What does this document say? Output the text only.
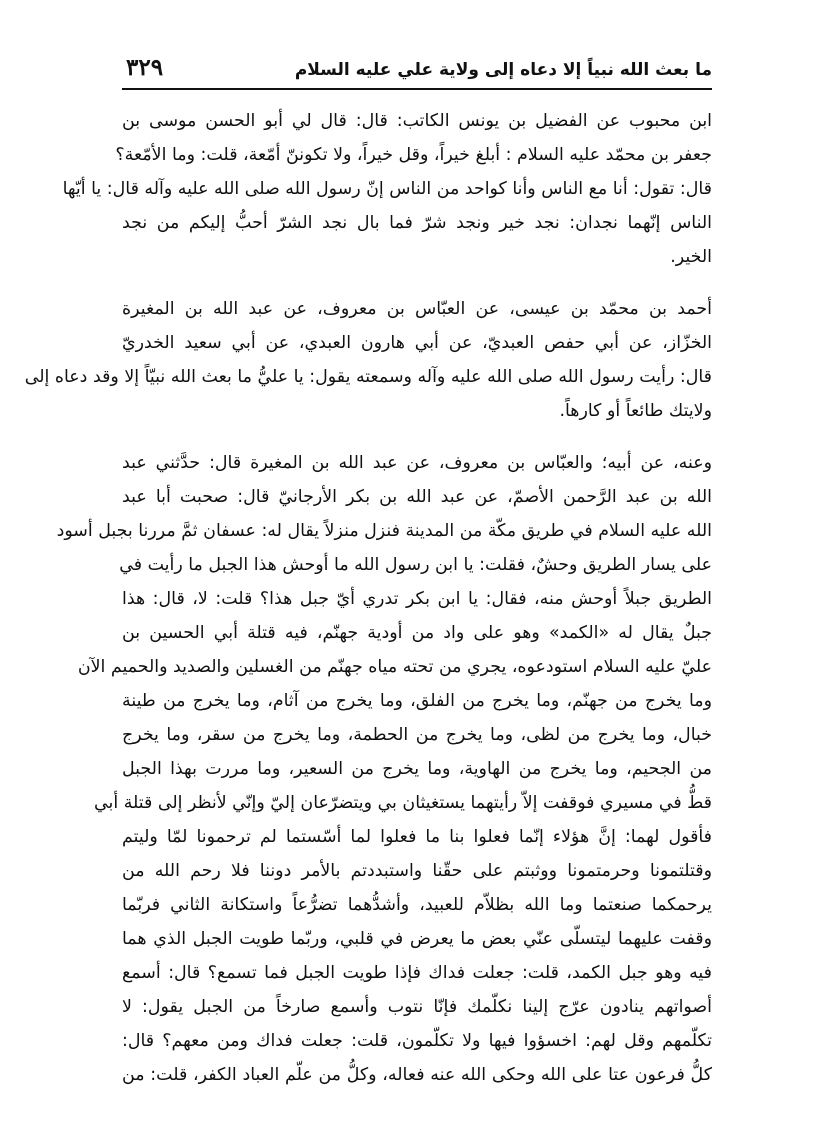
ما بعث الله نبياً إلا دعاه إلى ولاية علي عليه السلام
٣٢٩
ابن محبوب عن الفضيل بن يونس الكاتب: قال: قال لي أبو الحسن موسى بن
جعفر بن محمّد عليه السلام : أبلغ خيراً، وقل خيراً، ولا تكوننّ أمّعة، قلت: وما الأمّعة؟
قال: تقول: أنا مع الناس وأنا كواحد من الناس إنّ رسول الله صلى الله عليه وآله قال: يا أيّها
الناس إنّهما نجدان: نجد خير ونجد شرّ فما بال نجد الشرّ أحبُّ إليكم من نجد
الخير.
أحمد بن محمّد بن عيسى، عن العبّاس بن معروف، عن عبد الله بن المغيرة
الخزّاز، عن أبي حفص العبديّ، عن أبي هارون العبدي، عن أبي سعيد الخدريّ
قال: رأيت رسول الله صلى الله عليه وآله وسمعته يقول: يا عليُّ ما بعث الله نبيّاً إلا وقد دعاه إلى
ولايتك طائعاً أو كارهاً.
وعنه، عن أبيه؛ والعبّاس بن معروف، عن عبد الله بن المغيرة قال: حدَّثني عبد
الله بن عبد الرَّحمن الأصمّ، عن عبد الله بن بكر الأرجانيّ قال: صحبت أبا عبد
الله عليه السلام في طريق مكّة من المدينة فنزل منزلاً يقال له: عسفان ثمَّ مررنا بجبل أسود
على يسار الطريق وحشٌ، فقلت: يا ابن رسول الله ما أوحش هذا الجبل ما رأيت في
الطريق جبلاً أوحش منه، فقال: يا ابن بكر تدري أيّ جبل هذا؟ قلت: لا، قال: هذا
جبلٌ يقال له «الكمد» وهو على واد من أودية جهنّم، فيه قتلة أبي الحسين بن
عليّ عليه السلام استودعوه، يجري من تحته مياه جهنّم من الغسلين والصديد والحميم الآن
وما يخرج من جهنّم، وما يخرج من الفلق، وما يخرج من آثام، وما يخرج من طينة
خبال، وما يخرج من لظى، وما يخرج من الحطمة، وما يخرج من سقر، وما يخرج
من الجحيم، وما يخرج من الهاوية، وما يخرج من السعير، وما مررت بهذا الجبل
قطُّ في مسيري فوقفت إلاّ رأيتهما يستغيثان بي ويتضرّعان إليّ وإنّي لأنظر إلى قتلة أبي
فأقول لهما: إنَّ هؤلاء إنّما فعلوا بنا ما فعلوا لما أسّستما لم ترحمونا لمّا وليتم
وقتلتمونا وحرمتمونا ووثبتم على حقّنا واستبددتم بالأمر دوننا فلا رحم الله من
يرحمكما صنعتما وما الله بظلاّم للعبيد، وأشدُّهما تضرُّعاً واستكانة الثاني فربّما
وقفت عليهما ليتسلّى عنّي بعض ما يعرض في قلبي، وربّما طويت الجبل الذي هما
فيه وهو جبل الكمد، قلت: جعلت فداك فإذا طويت الجبل فما تسمع؟ قال: أسمع
أصواتهم ينادون عرّج إلينا نكلّمك فإنّا نتوب وأسمع صارخاً من الجبل يقول: لا
تكلّمهم وقل لهم: اخسؤوا فيها ولا تكلّمون، قلت: جعلت فداك ومن معهم؟ قال:
كلُّ فرعون عتا على الله وحكى الله عنه فعاله، وكلُّ من علّم العباد الكفر، قلت: من
